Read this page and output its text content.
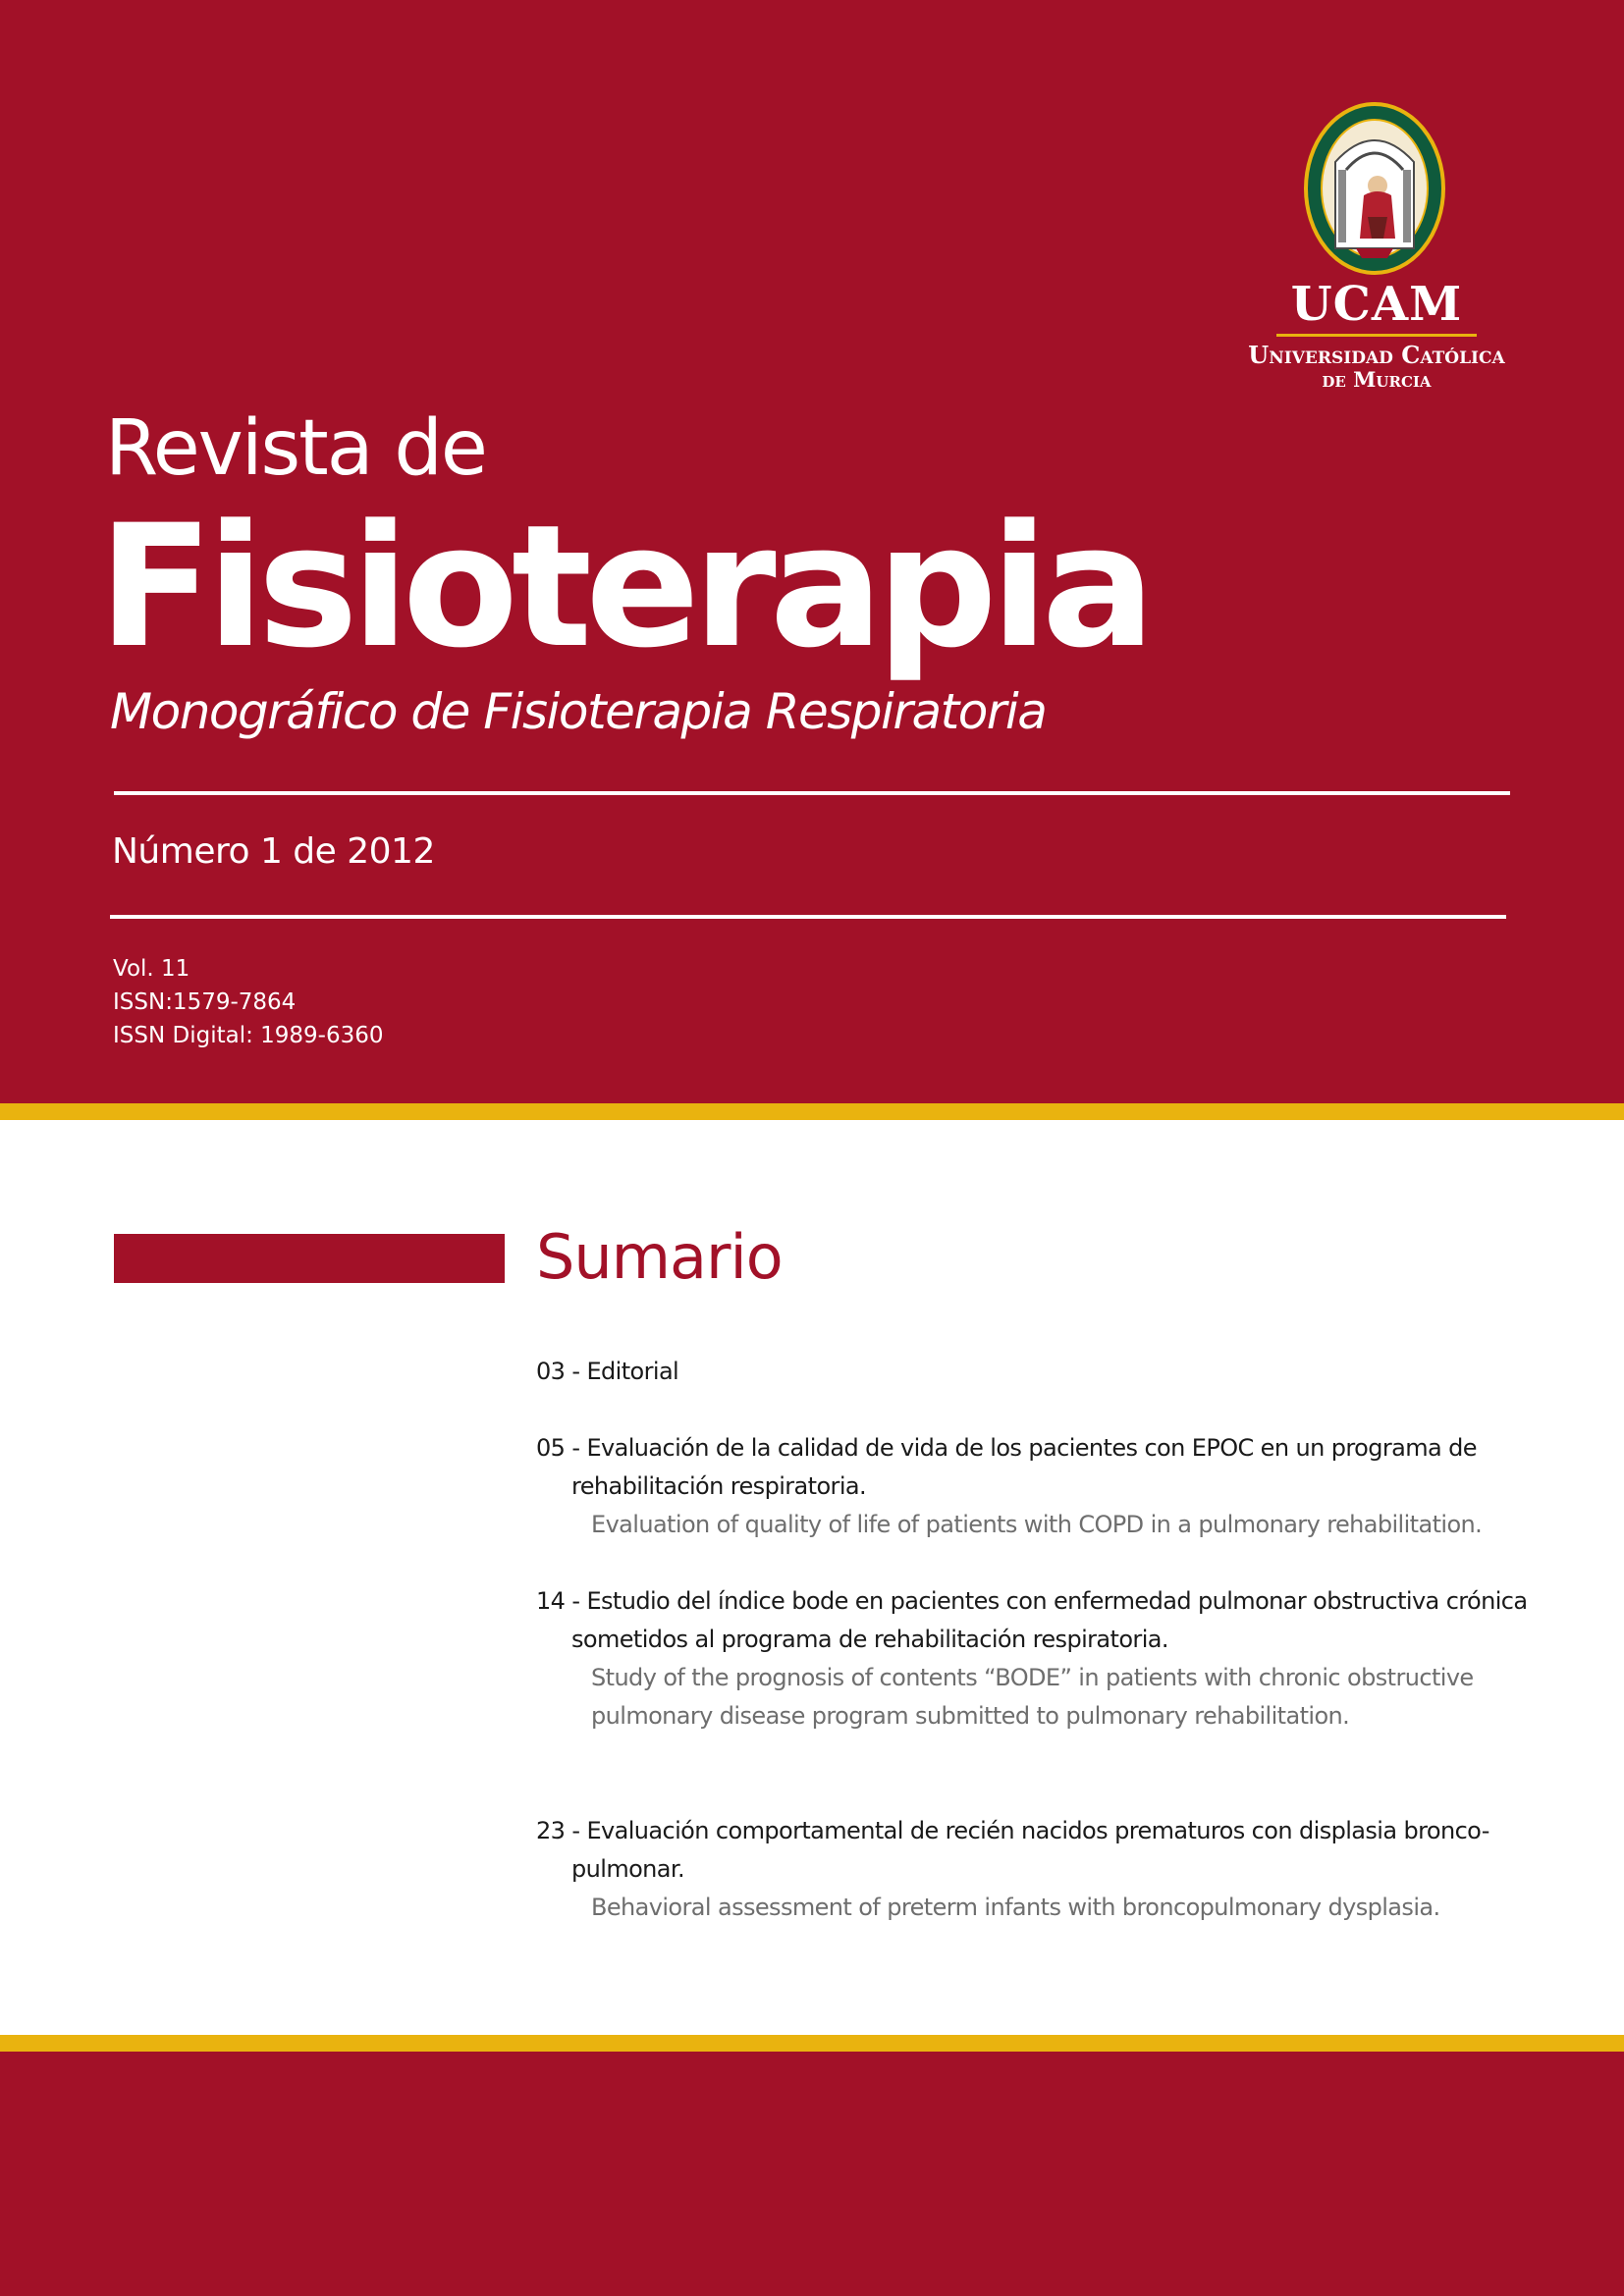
UCAM
Universidad Católica
de Murcia
Revista de
Fisioterapia
Monográfico de Fisioterapia Respiratoria
Número 1 de 2012
Vol. 11
ISSN:1579-7864
ISSN Digital: 1989-6360
Sumario

03 - Editorial

05 - Evaluación de la calidad de vida de los pacientes con EPOC en un programa de

rehabilitación respiratoria.

Evaluation of quality of life of patients with COPD in a pulmonary rehabilitation.

14 - Estudio del índice bode en pacientes con enfermedad pulmonar obstructiva crónica

sometidos al programa de rehabilitación respiratoria.

Study of the prognosis of contents “BODE” in patients with chronic obstructive

pulmonary disease program submitted to pulmonary rehabilitation.

23 - Evaluación comportamental de recién nacidos prematuros con displasia bronco-

pulmonar.

Behavioral assessment of preterm infants with broncopulmonary dysplasia.
